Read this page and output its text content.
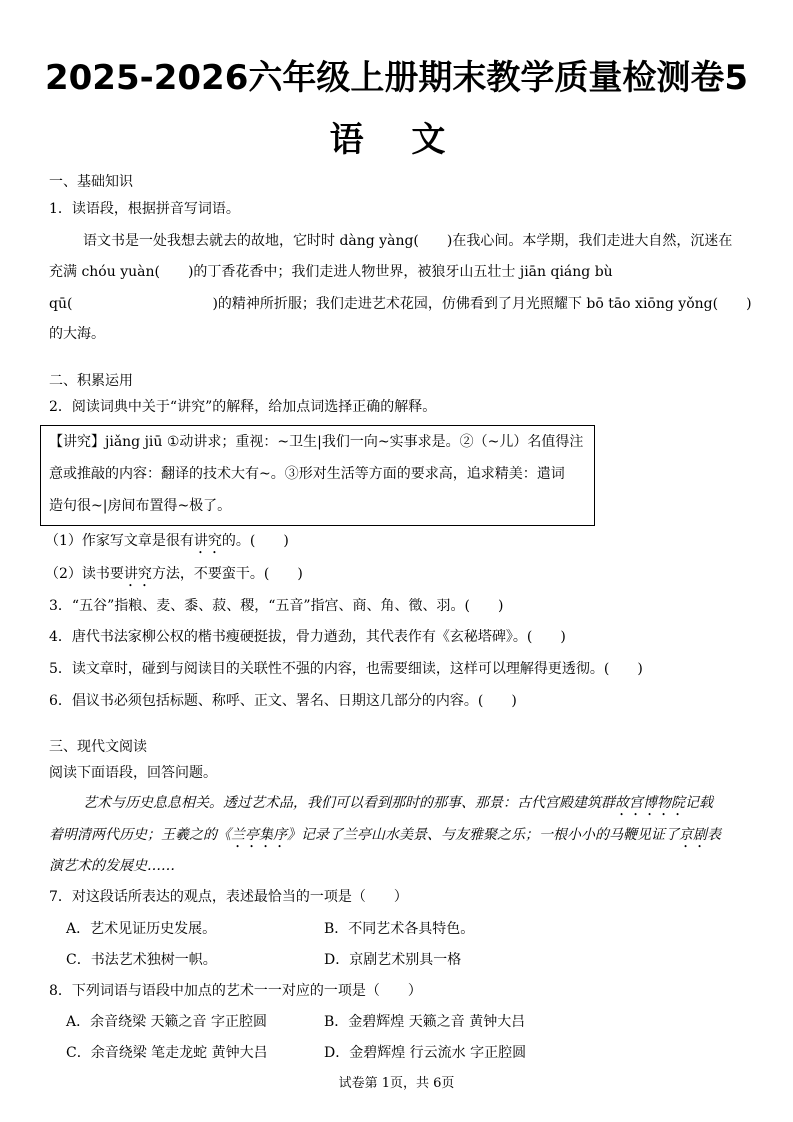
2025-2026六年级上册期末教学质量检测卷5
语 文
一、基础知识
1．读语段，根据拼音写词语。
语文书是一处我想去就去的故地，它时时 dàng yàng(　　)在我心间。本学期，我们走进大自然，沉迷在
充满 chóu yuàn(　　)的丁香花香中；我们走进人物世界，被狼牙山五壮士 jiān qiáng bù
qū(	)的精神所折服；我们走进艺术花园，仿佛看到了月光照耀下 bō tāo xiōng yǒng(　　)
的大海。
二、积累运用
2．阅读词典中关于“讲究”的解释，给加点词选择正确的解释。
【讲究】jiǎng jiū ①动讲求；重视：~卫生|我们一向~实事求是。②（~儿）名值得注
意或推敲的内容：翻译的技术大有~。③形对生活等方面的要求高，追求精美：遣词
造句很~|房间布置得~极了。
（1）作家写文章是很有讲究的。(　　)
（2）读书要讲究方法，不要蛮干。(　　)
3．“五谷”指粮、麦、黍、菽、稷，“五音”指宫、商、角、徵、羽。(　　)
4．唐代书法家柳公权的楷书瘦硬挺拔，骨力遒劲，其代表作有《玄秘塔碑》。(　　)
5．读文章时，碰到与阅读目的关联性不强的内容，也需要细读，这样可以理解得更透彻。(　　)
6．倡议书必须包括标题、称呼、正文、署名、日期这几部分的内容。(　　)
三、现代文阅读
阅读下面语段，回答问题。
艺术与历史息息相关。透过艺术品，我们可以看到那时的那事、那景：古代宫殿建筑群故宫博物院记载
着明清两代历史；王羲之的《兰亭集序》记录了兰亭山水美景、与友雅聚之乐；一根小小的马鞭见证了京剧表
演艺术的发展史……
7．对这段话所表达的观点，表述最恰当的一项是（　　）
A．艺术见证历史发展。	B．不同艺术各具特色。
C．书法艺术独树一帜。	D．京剧艺术别具一格
8．下列词语与语段中加点的艺术一一对应的一项是（　　）
A．余音绕梁 天籁之音 字正腔圆	B．金碧辉煌 天籁之音 黄钟大吕
C．余音绕梁 笔走龙蛇 黄钟大吕	D．金碧辉煌 行云流水 字正腔圆
试卷第 1页，共 6页
